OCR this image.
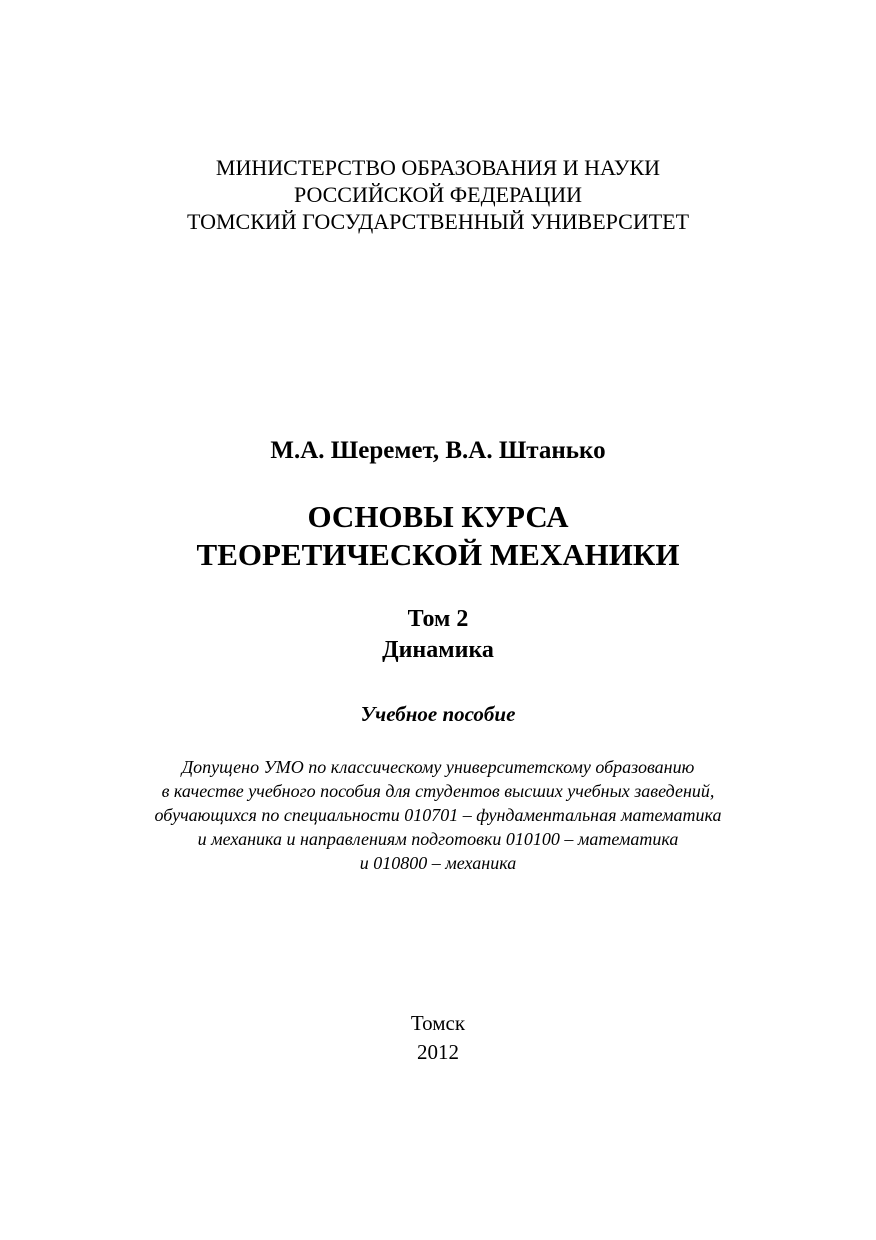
МИНИСТЕРСТВО ОБРАЗОВАНИЯ И НАУКИ
РОССИЙСКОЙ ФЕДЕРАЦИИ
ТОМСКИЙ ГОСУДАРСТВЕННЫЙ УНИВЕРСИТЕТ
М.А. Шеремет, В.А. Штанько
ОСНОВЫ КУРСА
ТЕОРЕТИЧЕСКОЙ МЕХАНИКИ
Том 2
Динамика
Учебное пособие
Допущено УМО по классическому университетскому образованию
в качестве учебного пособия для студентов высших учебных заведений,
обучающихся по специальности 010701 – фундаментальная математика
и механика и направлениям подготовки 010100 – математика
и 010800 – механика
Томск
2012
